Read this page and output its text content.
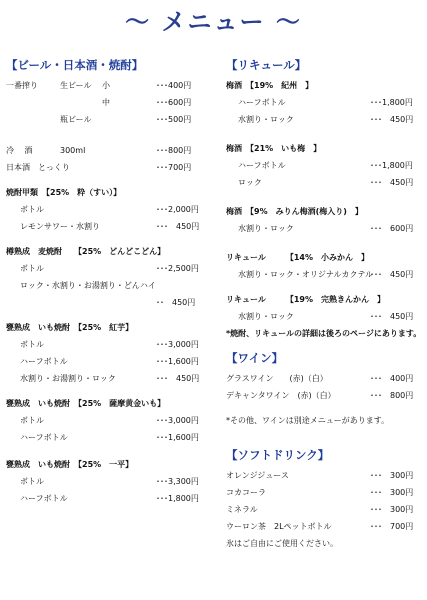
～ メニュー ～
【ビール・日本酒・焼酎】
一番搾り	生ビール 小	･･･400円
中	･･･600円
瓶ビール	･･･500円
冷　 酒	300ml	･･･800円
日本酒　とっくり	･･･700円
焼酎甲類　【25%　粋（すい）】
ボトル	･･･2,000円
レモンサワー・水割り	･･･　450円
樽熟成　麦焼酎　　【25%　どんどこどん】
ボトル	･･･2,500円
ロック・水割り・お湯割り・どんハイ
･･　450円
甕熟成　いも焼酎　【25%　紅芋】
ボトル	･･･3,000円
ハーフボトル	･･･1,600円
水割り・お湯割り・ロック	･･･　450円
甕熟成　いも焼酎　【25%　薩摩黄金いも】
ボトル	･･･3,000円
ハーフボトル	･･･1,600円
甕熟成　いも焼酎　【25%　一平】
ボトル	･･･3,300円
ハーフボトル	･･･1,800円
【リキュール】
梅酒　【19%　紀州　】
ハーフボトル	･･･1,800円
水割り・ロック	･･･　450円
梅酒　【21%　いも梅　】
ハーフボトル	･･･1,800円
ロック	･･･　450円
梅酒　【9%　みりん梅酒(梅入り)　】
水割り・ロック	･･･　600円
リキュール　　　【14%　小みかん　】
水割り・ロック・オリジナルカクテル
･･･　450円
リキュール　　　【19%　完熟きんかん　】
水割り・ロック	･･･　450円
*焼酎、リキュールの詳細は後ろのページにあります。
【ワイン】
グラスワイン　　(赤)（白）	･･･　400円
デキャンタワイン　(赤)（白）	･･･　800円
*その他、ワインは別途メニューがあります。
【ソフトドリンク】
オレンジジュース	･･･　300円
コカコーラ	･･･　300円
ミネラル	･･･　300円
ウーロン茶　2Lペットボトル	･･･　700円
氷はご自由にご使用ください。
